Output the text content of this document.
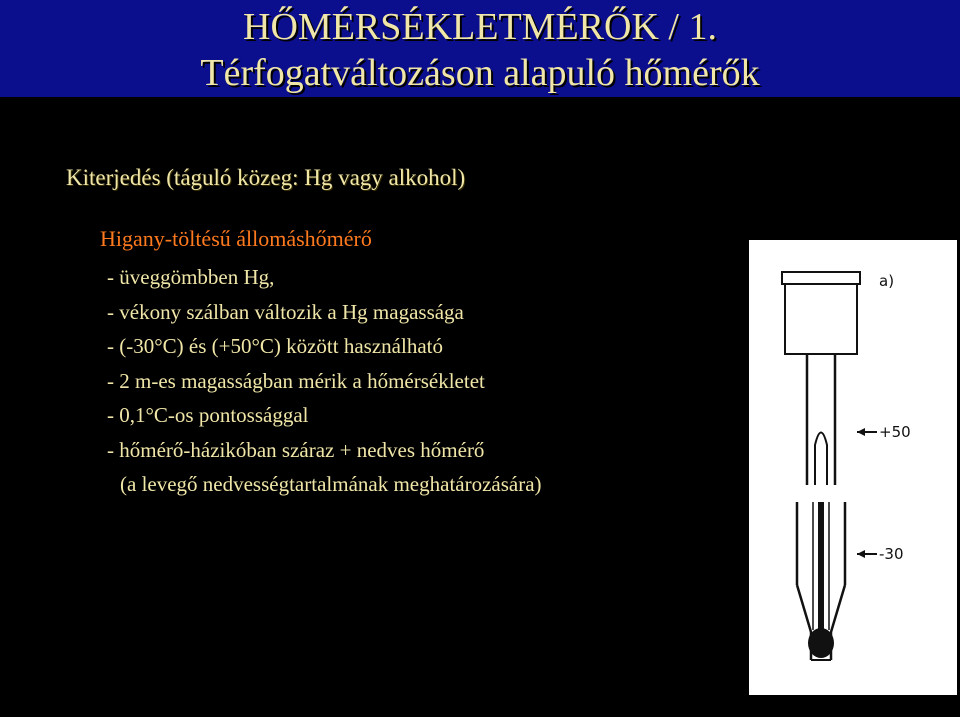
HŐMÉRSÉKLETMÉRŐK / 1.
Térfogatváltozáson alapuló hőmérők
Kiterjedés (táguló közeg: Hg vagy alkohol)
Higany-töltésű állomáshőmérő
- üveggömbben Hg,
- vékony szálban változik a Hg magassága
- (-30°C) és (+50°C) között használható
- 2 m-es magasságban mérik a hőmérsékletet
- 0,1°C-os pontossággal
- hőmérő-házikóban száraz + nedves hőmérő
(a levegő nedvességtartalmának meghatározására)
+50
a)
-30
